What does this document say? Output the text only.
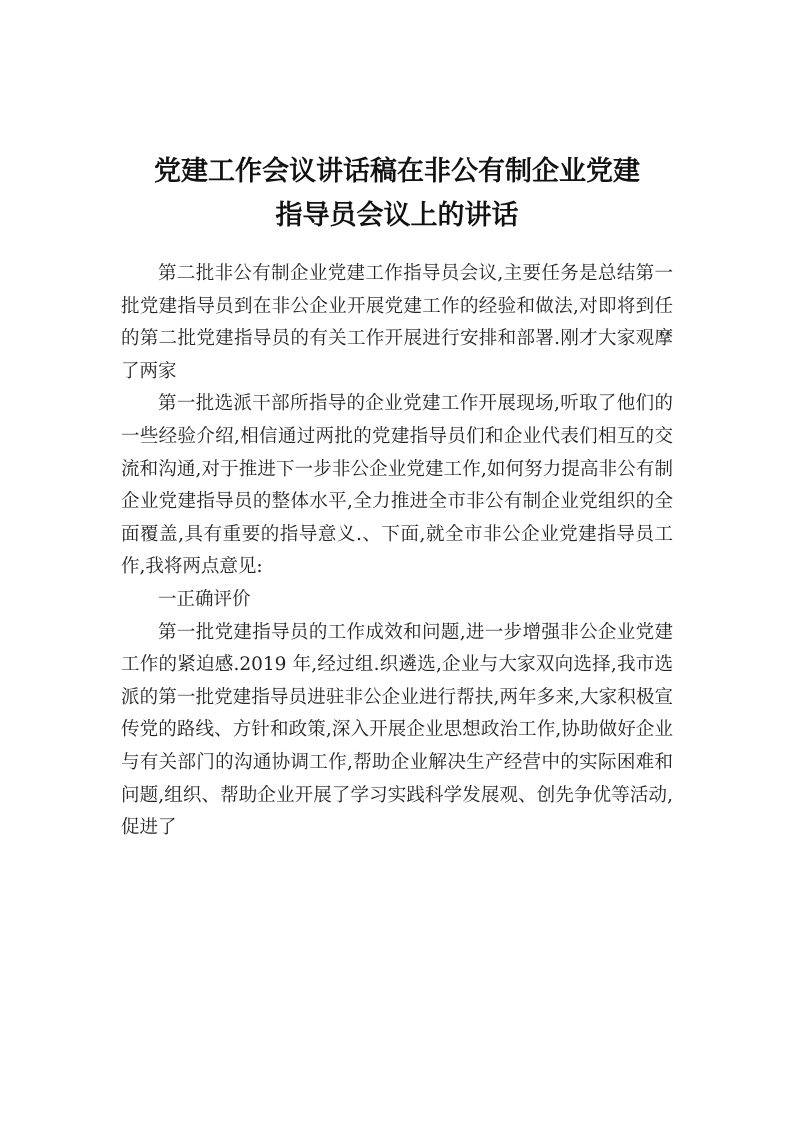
党建工作会议讲话稿在非公有制企业党建
指导员会议上的讲话

第二批非公有制企业党建工作指导员会议,主要任务是总结第一批党建指导员到在非公企业开展党建工作的经验和做法,对即将到任的第二批党建指导员的有关工作开展进行安排和部署.刚才大家观摩了两家

第一批选派干部所指导的企业党建工作开展现场,听取了他们的一些经验介绍,相信通过两批的党建指导员们和企业代表们相互的交流和沟通,对于推进下一步非公企业党建工作,如何努力提高非公有制企业党建指导员的整体水平,全力推进全市非公有制企业党组织的全面覆盖,具有重要的指导意义.、下面,就全市非公企业党建指导员工作,我将两点意见:

一正确评价

第一批党建指导员的工作成效和问题,进一步增强非公企业党建工作的紧迫感.2019 年,经过组.织遴选,企业与大家双向选择,我市选派的第一批党建指导员进驻非公企业进行帮扶,两年多来,大家积极宣传党的路线、方针和政策,深入开展企业思想政治工作,协助做好企业与有关部门的沟通协调工作,帮助企业解决生产经营中的实际困难和问题,组织、帮助企业开展了学习实践科学发展观、创先争优等活动,促进了
